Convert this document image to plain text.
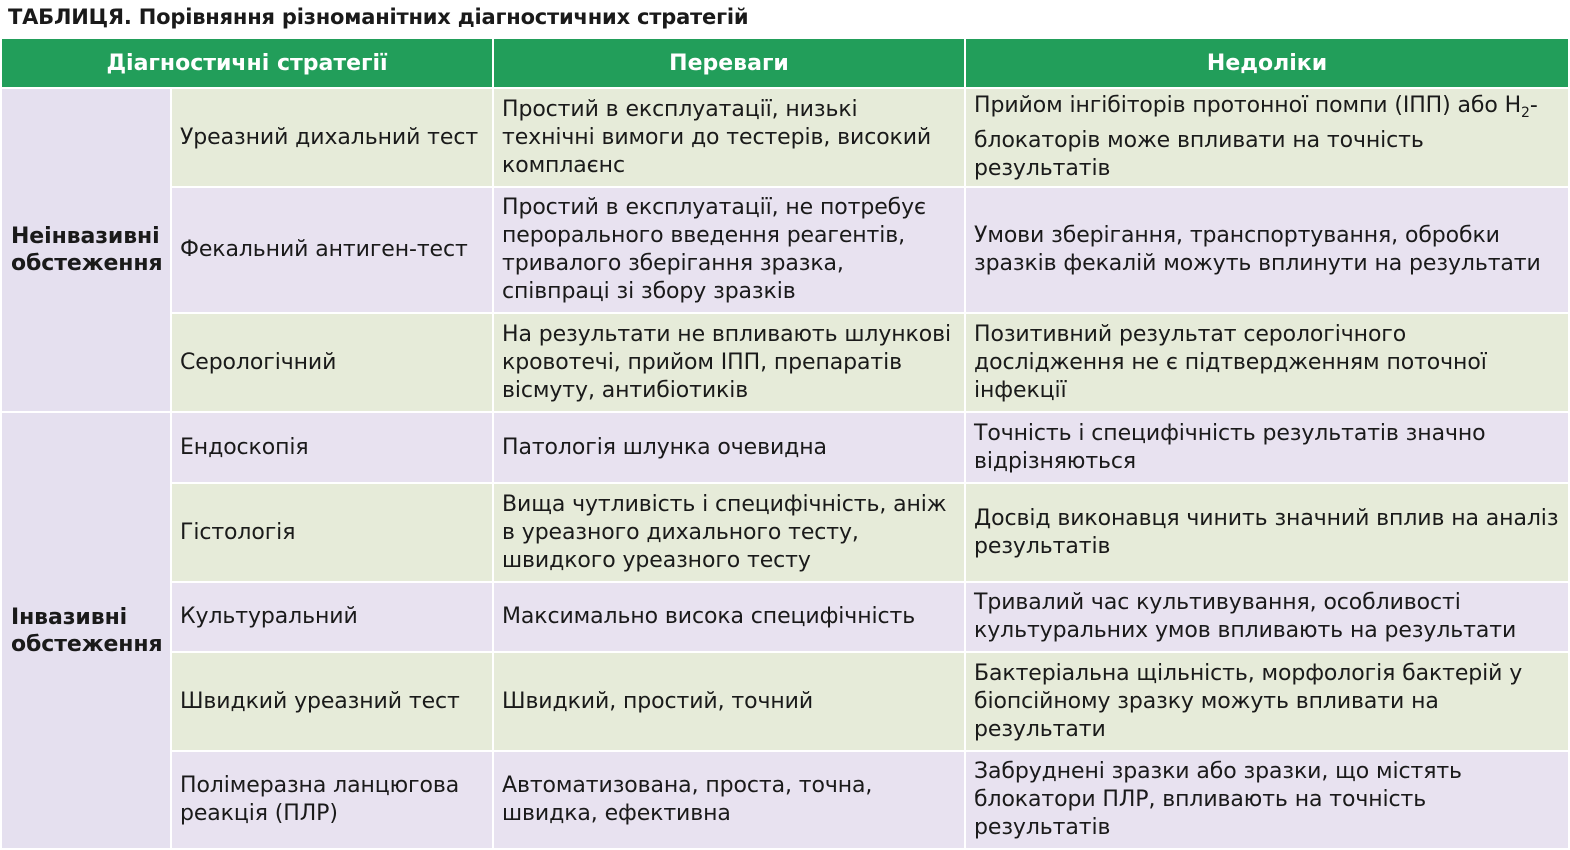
ТАБЛИЦЯ. Порівняння різноманітних діагностичних стратегій
Діагностичні стратегії		Переваги	Недоліки
Неінвазивні обстеження	Уреазний дихальний тест	Простий в експлуатації, низькі технічні вимоги до тестерів, високий комплаєнс	Прийом інгібіторів протонної помпи (ІПП) або $Н_2$-блокаторів може впливати на точність результатів
	Фекальний антиген-тест	Простий в експлуатації, не потребує перорального введення реагентів, тривалого зберігання зразка, співпраці зі збору зразків	Умови зберігання, транспортування, обробки зразків фекалій можуть вплинути на результати
	Серологічний	На результати не впливають шлункові кровотечі, прийом ІПП, препаратів вісмуту, антибіотиків	Позитивний результат серологічного дослідження не є підтвердженням поточної інфекції
Інвазивні обстеження	Ендоскопія	Патологія шлунка очевидна	Точність і специфічність результатів значно відрізняються
	Гістологія	Вища чутливість і специфічність, аніж в уреазного дихального тесту, швидкого уреазного тесту	Досвід виконавця чинить значний вплив на аналіз результатів
	Культуральний	Максимально висока специфічність	Тривалий час культивування, особливості культуральних умов впливають на результати
	Швидкий уреазний тест	Швидкий, простий, точний	Бактеріальна щільність, морфологія бактерій у біопсійному зразку можуть впливати на результати
	Полімеразна ланцюгова реакція (ПЛР)	Автоматизована, проста, точна, швидка, ефективна	Забруднені зразки або зразки, що містять блокатори ПЛР, впливають на точність результатів
